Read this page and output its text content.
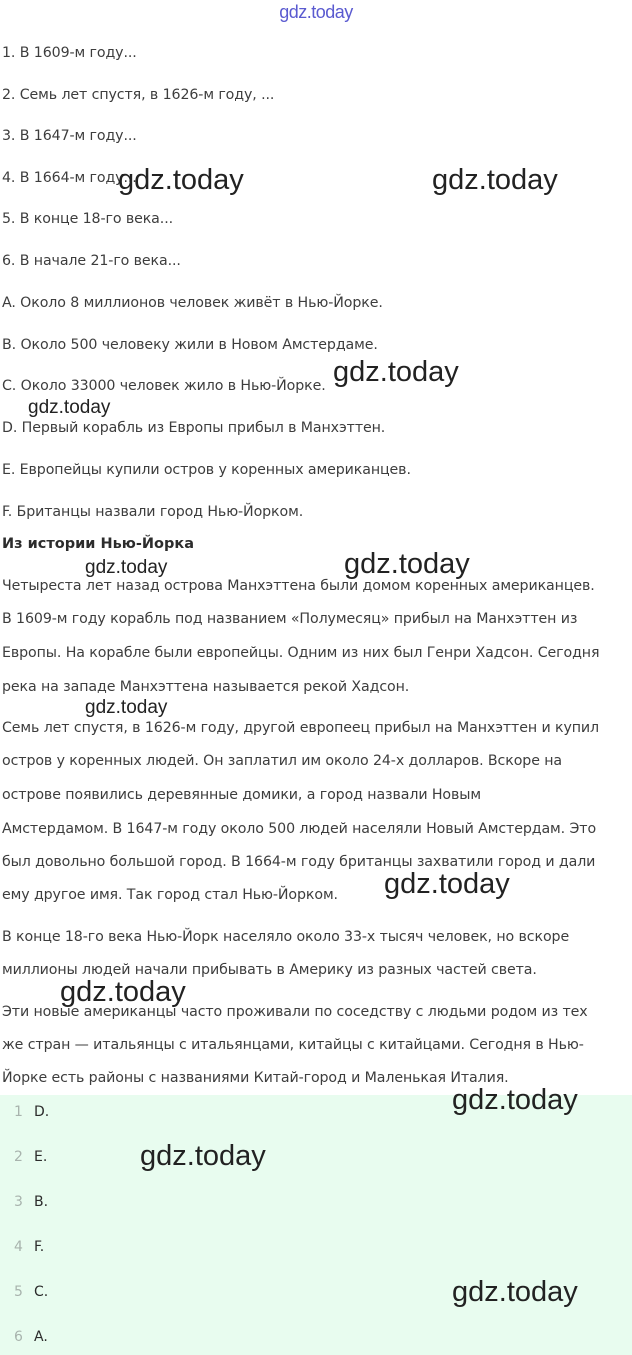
gdz.today
1. В 1609-м году...
2. Семь лет спустя, в 1626-м году, ...
3. В 1647-м году...
4. В 1664-м году...
5. В конце 18-го века...
6. В начале 21-го века...
A. Около 8 миллионов человек живёт в Нью-Йорке.
B. Около 500 человеку жили в Новом Амстердаме.
C. Около 33000 человек жило в Нью-Йорке.
D. Первый корабль из Европы прибыл в Манхэттен.
E. Европейцы купили остров у коренных американцев.
F. Британцы назвали город Нью-Йорком.
Из истории Нью-Йорка
Четыреста лет назад острова Манхэттена были домом коренных американцев.
В 1609-м году корабль под названием «Полумесяц» прибыл на Манхэттен из
Европы. На корабле были европейцы. Одним из них был Генри Хадсон. Сегодня
река на западе Манхэттена называется рекой Хадсон.
Семь лет спустя, в 1626-м году, другой европеец прибыл на Манхэттен и купил
остров у коренных людей. Он заплатил им около 24-х долларов. Вскоре на
острове появились деревянные домики, а город назвали Новым
Амстердамом. В 1647-м году около 500 людей населяли Новый Амстердам. Это
был довольно большой город. В 1664-м году британцы захватили город и дали
ему другое имя. Так город стал Нью-Йорком.
В конце 18-го века Нью-Йорк населяло около 33-х тысяч человек, но вскоре
миллионы людей начали прибывать в Америку из разных частей света.
Эти новые американцы часто проживали по соседству с людьми родом из тех
же стран — итальянцы с итальянцами, китайцы с китайцами. Сегодня в Нью-
Йорке есть районы с названиями Китай-город и Маленькая Италия.
1 D.
2 E.
3 B.
4 F.
5 C.
6 A.
gdz.today	gdz.today
gdz.today
gdz.today
gdz.today
gdz.today
gdz.today
gdz.today
gdz.today
gdz.today
gdz.today
gdz.today
